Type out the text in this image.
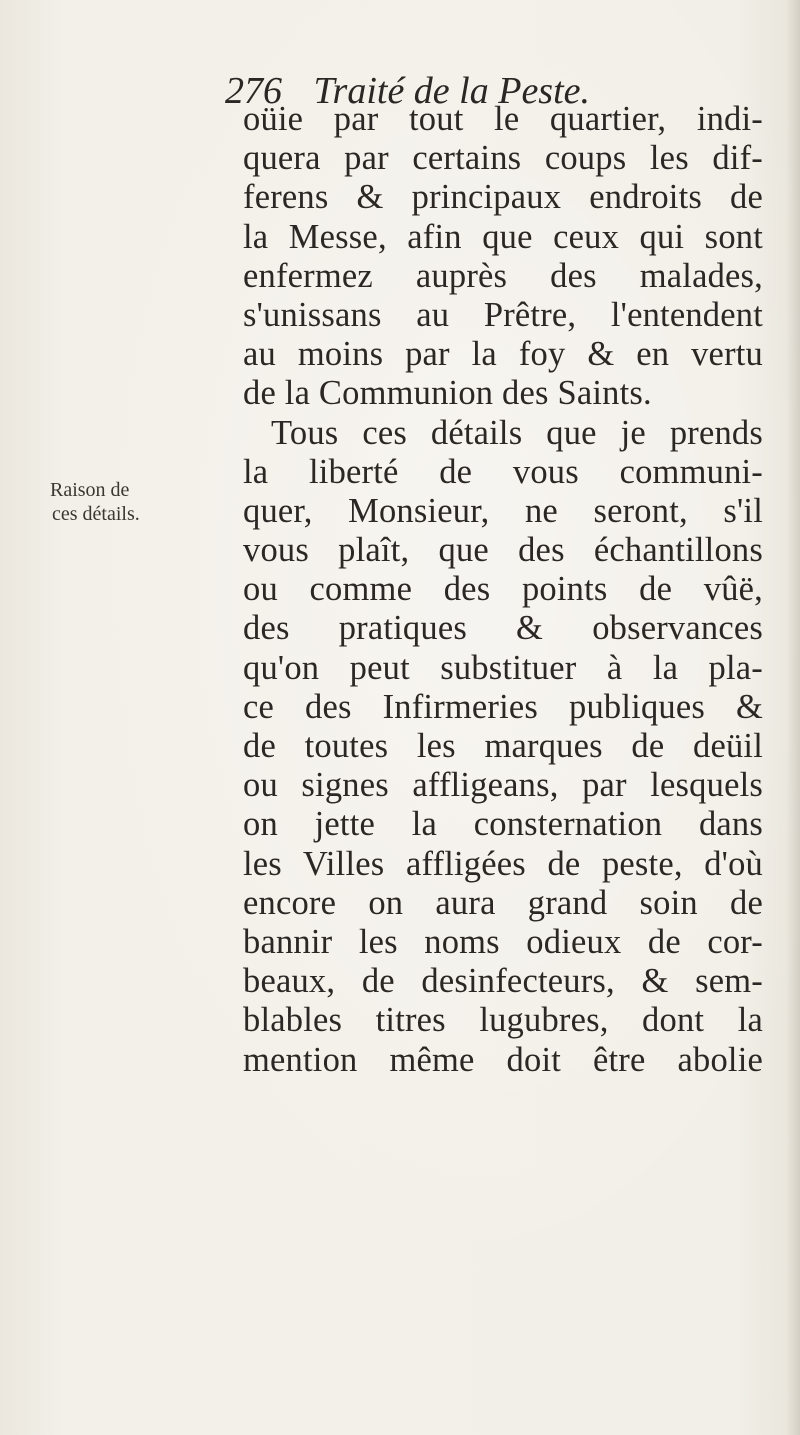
276 Traité de la Peste.
Raison de
ces détails.
oüie par tout le quartier, indi-
quera par certains coups les dif-
ferens & principaux endroits de
la Messe, afin que ceux qui sont
enfermez auprès des malades,
s'unissans au Prêtre, l'entendent
au moins par la foy & en vertu
de la Communion des Saints.
Tous ces détails que je prends
la liberté de vous communi-
quer, Monsieur, ne seront, s'il
vous plaît, que des échantillons
ou comme des points de vûë,
des pratiques & observances
qu'on peut substituer à la pla-
ce des Infirmeries publiques &
de toutes les marques de deüil
ou signes affligeans, par lesquels
on jette la consternation dans
les Villes affligées de peste, d'où
encore on aura grand soin de
bannir les noms odieux de cor-
beaux, de desinfecteurs, & sem-
blables titres lugubres, dont la
mention même doit être abolie
